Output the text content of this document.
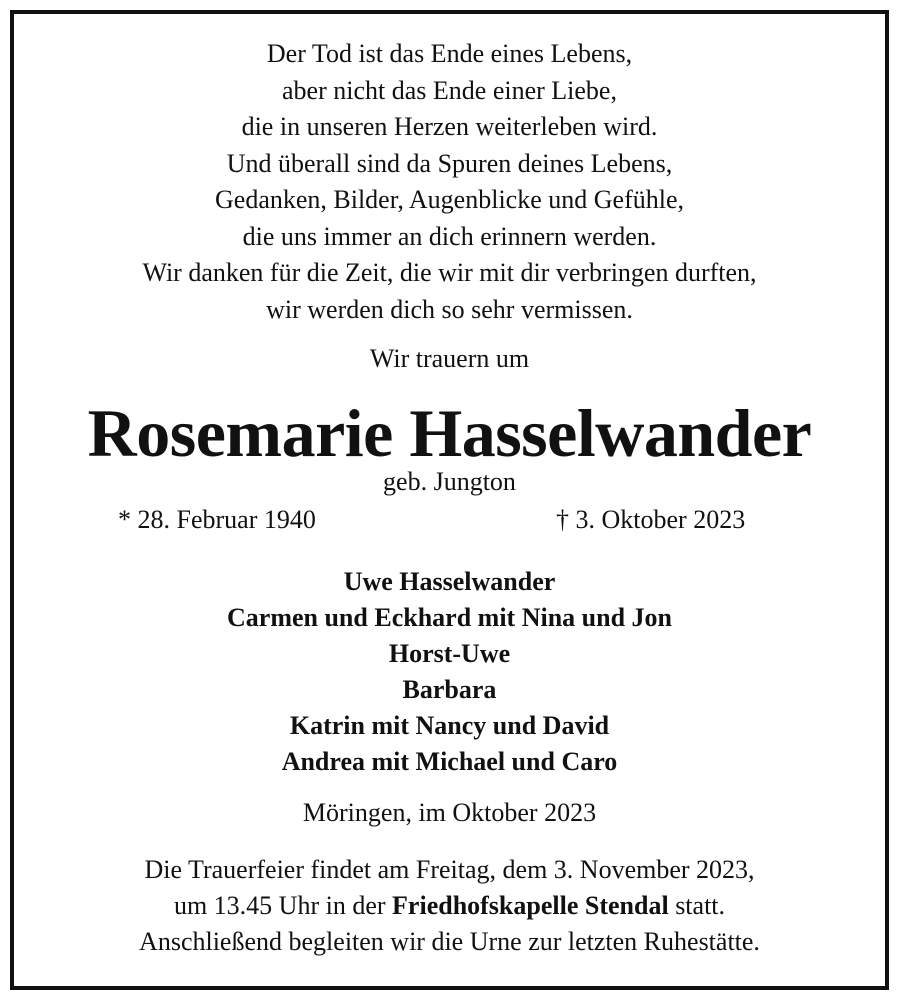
Der Tod ist das Ende eines Lebens,
aber nicht das Ende einer Liebe,
die in unseren Herzen weiterleben wird.
Und überall sind da Spuren deines Lebens,
Gedanken, Bilder, Augenblicke und Gefühle,
die uns immer an dich erinnern werden.
Wir danken für die Zeit, die wir mit dir verbringen durften,
wir werden dich so sehr vermissen.
Wir trauern um
Rosemarie Hasselwander
geb. Jungton
* 28. Februar 1940	† 3. Oktober 2023
Uwe Hasselwander
Carmen und Eckhard mit Nina und Jon
Horst-Uwe
Barbara
Katrin mit Nancy und David
Andrea mit Michael und Caro
Möringen, im Oktober 2023
Die Trauerfeier findet am Freitag, dem 3. November 2023,
um 13.45 Uhr in der Friedhofskapelle Stendal statt.
Anschließend begleiten wir die Urne zur letzten Ruhestätte.
